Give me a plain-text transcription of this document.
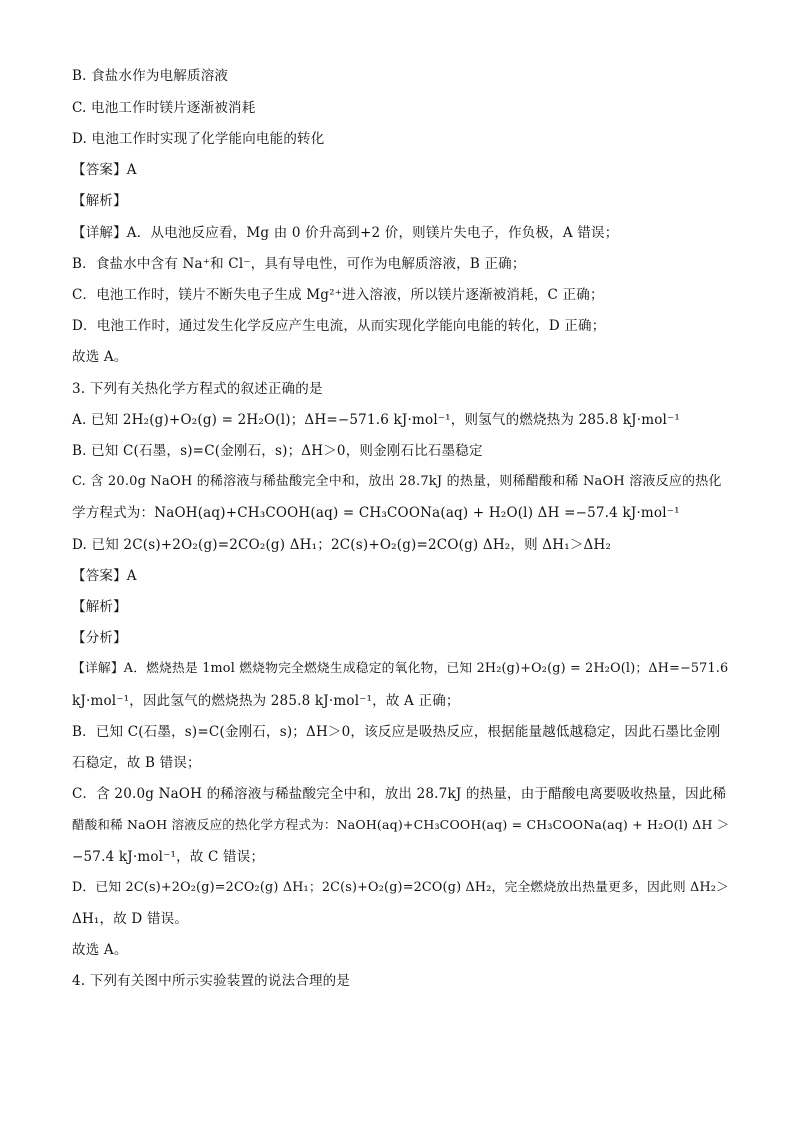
B. 食盐水作为电解质溶液
C. 电池工作时镁片逐渐被消耗
D. 电池工作时实现了化学能向电能的转化
【答案】A
【解析】
【详解】A．从电池反应看，Mg 由 0 价升高到+2 价，则镁片失电子，作负极，A 错误；
B．食盐水中含有 Na⁺和 Cl⁻，具有导电性，可作为电解质溶液，B 正确；
C．电池工作时，镁片不断失电子生成 Mg²⁺进入溶液，所以镁片逐渐被消耗，C 正确；
D．电池工作时，通过发生化学反应产生电流，从而实现化学能向电能的转化，D 正确；
故选 A。
3. 下列有关热化学方程式的叙述正确的是
A. 已知 2H₂(g)+O₂(g) = 2H₂O(l)；ΔH=−571.6 kJ·mol⁻¹，则氢气的燃烧热为 285.8 kJ·mol⁻¹
B. 已知 C(石墨，s)=C(金刚石，s)；ΔH＞0，则金刚石比石墨稳定
C. 含 20.0g NaOH 的稀溶液与稀盐酸完全中和，放出 28.7kJ 的热量，则稀醋酸和稀 NaOH 溶液反应的热化
学方程式为：NaOH(aq)+CH₃COOH(aq) = CH₃COONa(aq) + H₂O(l) ΔH =−57.4 kJ·mol⁻¹
D. 已知 2C(s)+2O₂(g)=2CO₂(g) ΔH₁；2C(s)+O₂(g)=2CO(g) ΔH₂，则 ΔH₁＞ΔH₂
【答案】A
【解析】
【分析】
【详解】A．燃烧热是 1mol 燃烧物完全燃烧生成稳定的氧化物，已知 2H₂(g)+O₂(g) = 2H₂O(l)；ΔH=−571.6
kJ·mol⁻¹，因此氢气的燃烧热为 285.8 kJ·mol⁻¹，故 A 正确；
B．已知 C(石墨，s)=C(金刚石，s)；ΔH＞0，该反应是吸热反应，根据能量越低越稳定，因此石墨比金刚
石稳定，故 B 错误；
C．含 20.0g NaOH 的稀溶液与稀盐酸完全中和，放出 28.7kJ 的热量，由于醋酸电离要吸收热量，因此稀
醋酸和稀 NaOH 溶液反应的热化学方程式为：NaOH(aq)+CH₃COOH(aq) = CH₃COONa(aq) + H₂O(l) ΔH ＞
−57.4 kJ·mol⁻¹，故 C 错误；
D．已知 2C(s)+2O₂(g)=2CO₂(g) ΔH₁；2C(s)+O₂(g)=2CO(g) ΔH₂，完全燃烧放出热量更多，因此则 ΔH₂＞
ΔH₁，故 D 错误。
故选 A。
4. 下列有关图中所示实验装置的说法合理的是
